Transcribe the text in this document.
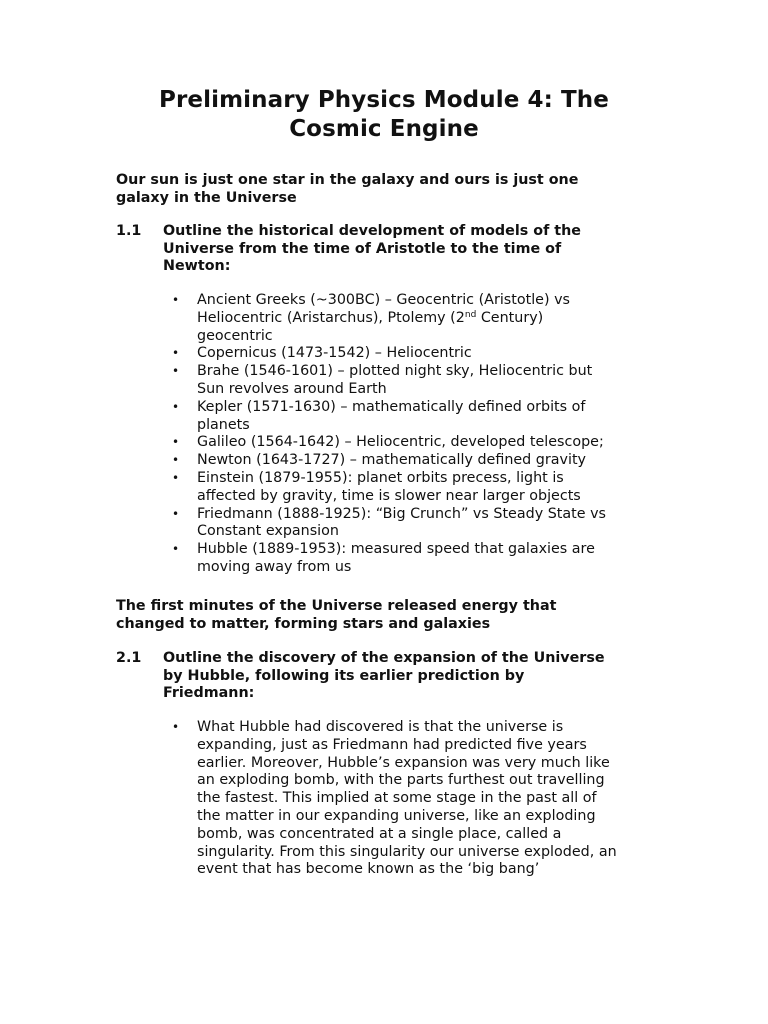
Preliminary Physics Module 4: The
Cosmic Engine
Our sun is just one star in the galaxy and ours is just one
galaxy in the Universe
1.1 Outline the historical development of models of the
Universe from the time of Aristotle to the time of
Newton:
• Ancient Greeks (~300BC) – Geocentric (Aristotle) vs
Heliocentric (Aristarchus), Ptolemy (2nd Century)
geocentric
• Copernicus (1473-1542) – Heliocentric
• Brahe (1546-1601) – plotted night sky, Heliocentric but
Sun revolves around Earth
• Kepler (1571-1630) – mathematically defined orbits of
planets
• Galileo (1564-1642) – Heliocentric, developed telescope;
• Newton (1643-1727) – mathematically defined gravity
• Einstein (1879-1955): planet orbits precess, light is
affected by gravity, time is slower near larger objects
• Friedmann (1888-1925): “Big Crunch” vs Steady State vs
Constant expansion
• Hubble (1889-1953): measured speed that galaxies are
moving away from us
The first minutes of the Universe released energy that
changed to matter, forming stars and galaxies
2.1 Outline the discovery of the expansion of the Universe
by Hubble, following its earlier prediction by
Friedmann:
• What Hubble had discovered is that the universe is
expanding, just as Friedmann had predicted five years
earlier. Moreover, Hubble’s expansion was very much like
an exploding bomb, with the parts furthest out travelling
the fastest. This implied at some stage in the past all of
the matter in our expanding universe, like an exploding
bomb, was concentrated at a single place, called a
singularity. From this singularity our universe exploded, an
event that has become known as the ‘big bang’
